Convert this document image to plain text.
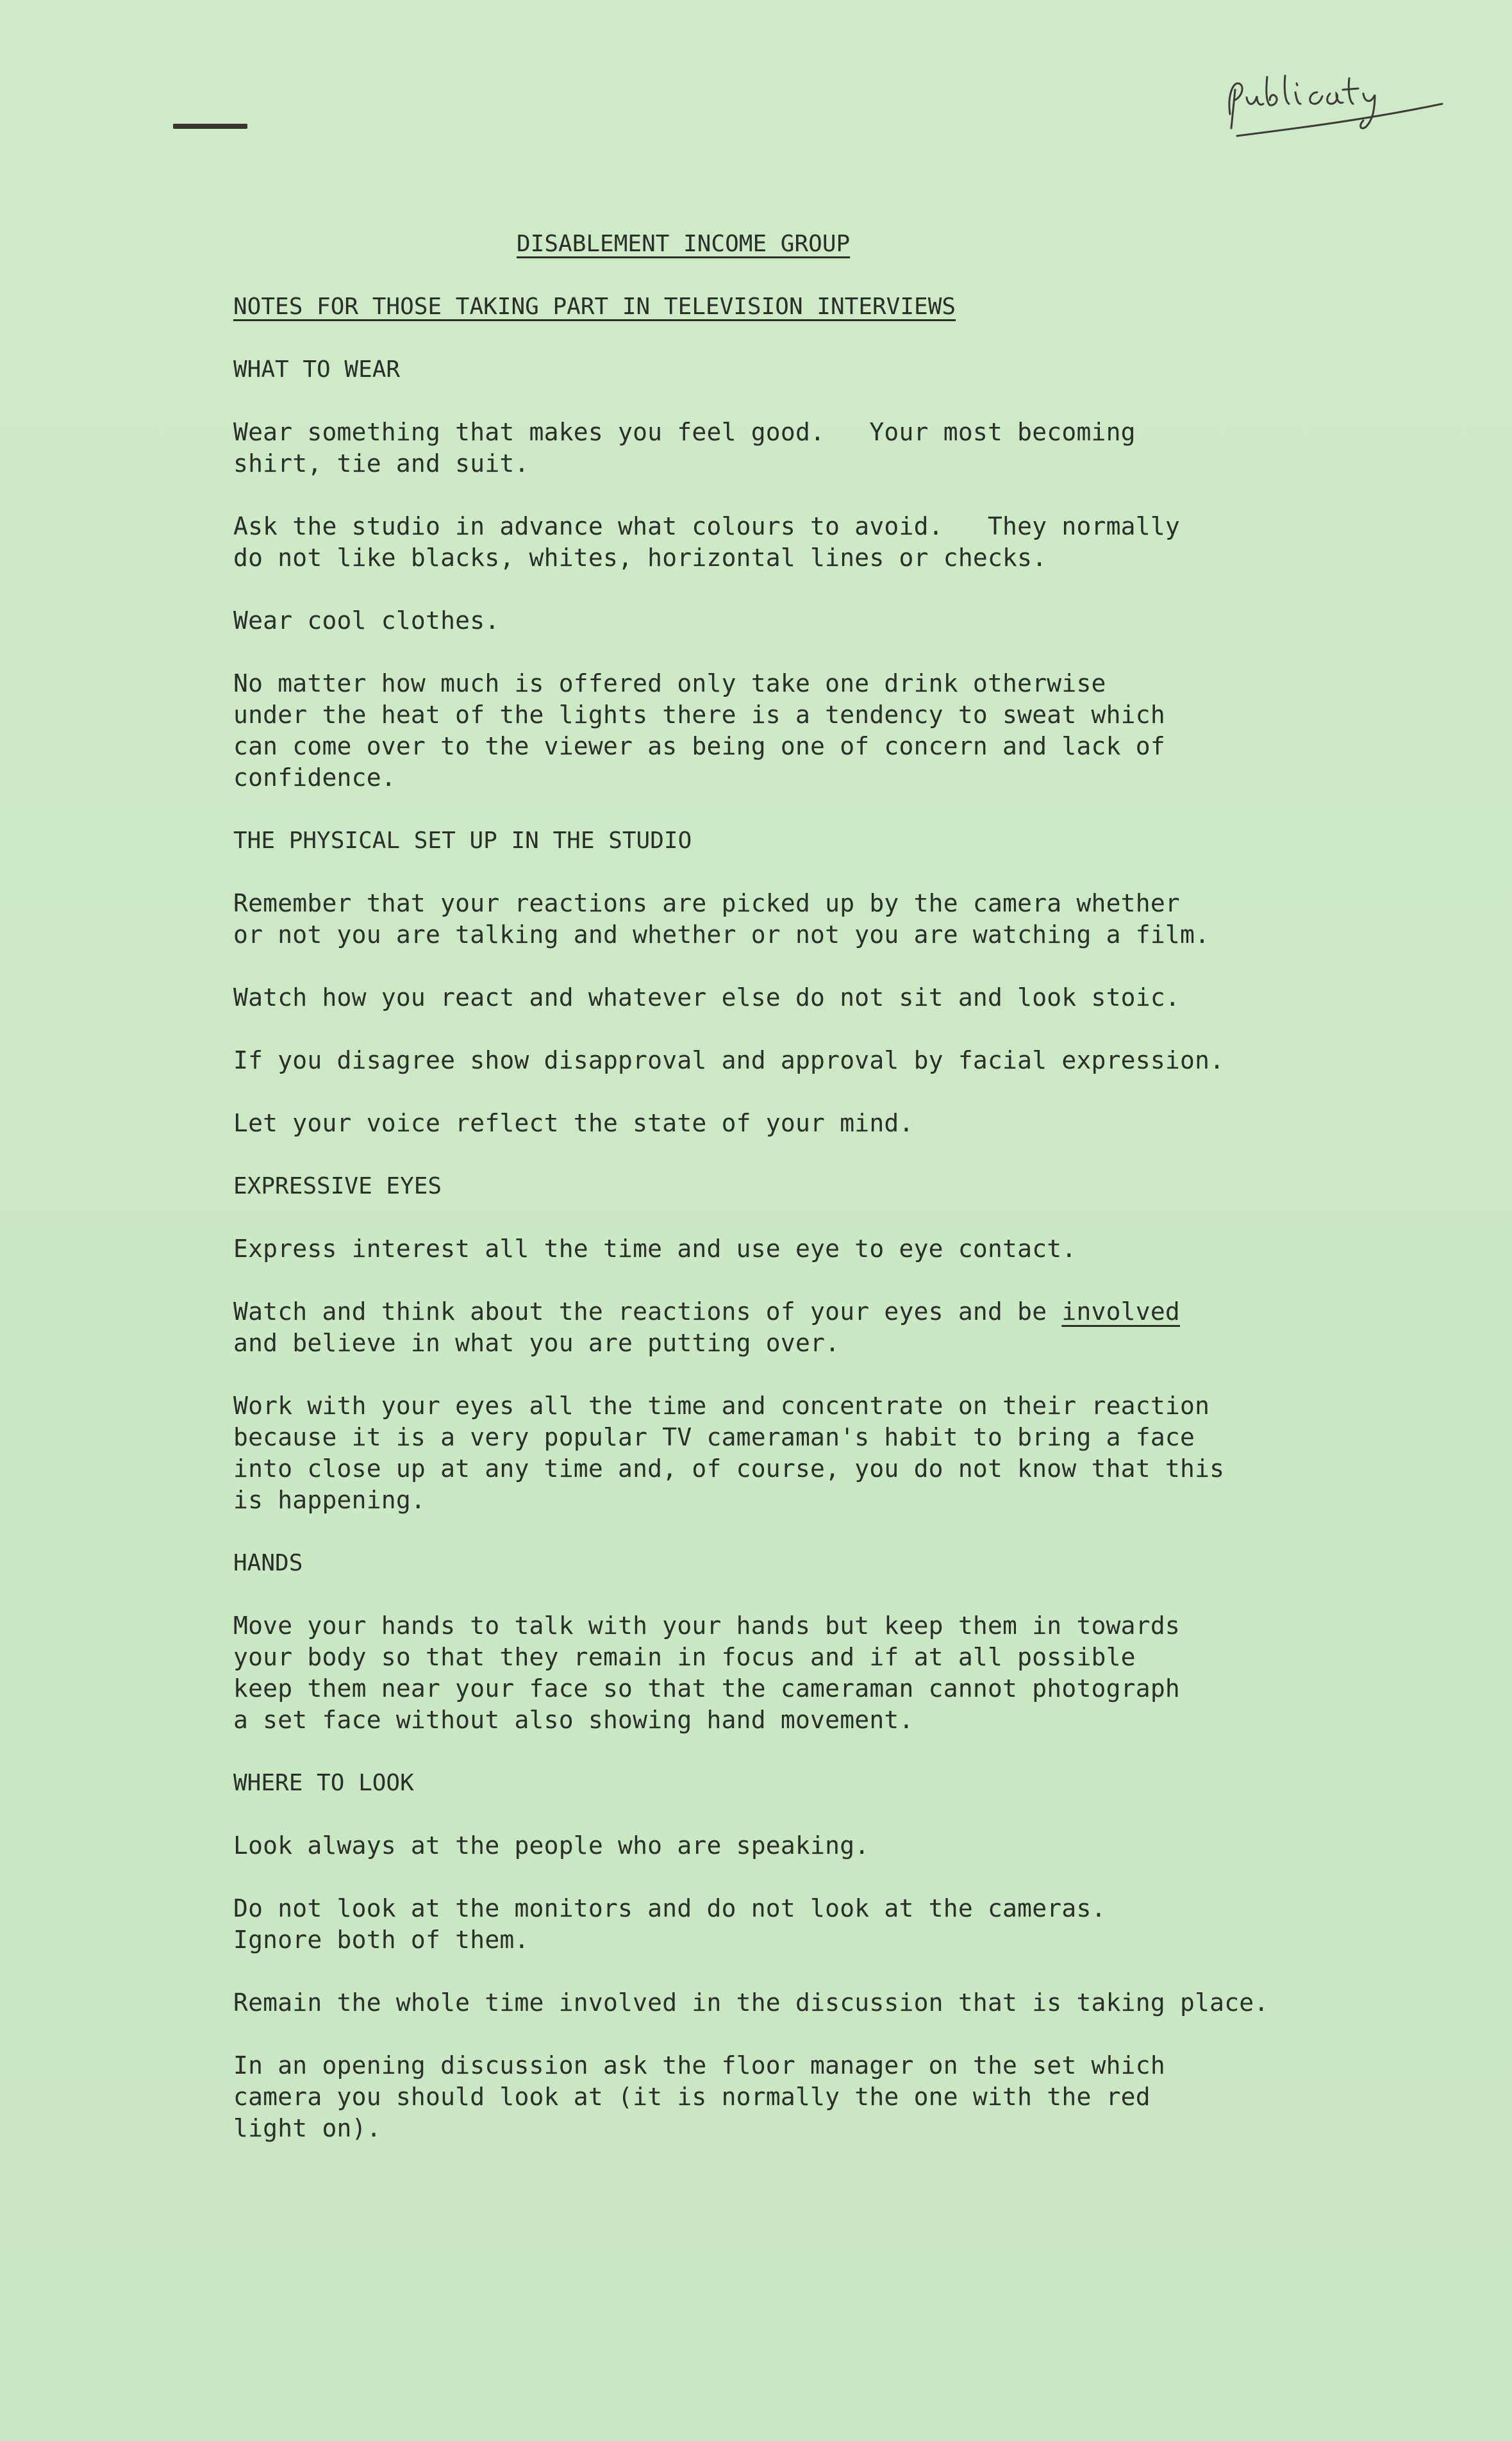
DISABLEMENT INCOME GROUP
NOTES FOR THOSE TAKING PART IN TELEVISION INTERVIEWS
WHAT TO WEAR
Wear something that makes you feel good.   Your most becoming
shirt, tie and suit.
Ask the studio in advance what colours to avoid.   They normally
do not like blacks, whites, horizontal lines or checks.
Wear cool clothes.
No matter how much is offered only take one drink otherwise
under the heat of the lights there is a tendency to sweat which
can come over to the viewer as being one of concern and lack of
confidence.
THE PHYSICAL SET UP IN THE STUDIO
Remember that your reactions are picked up by the camera whether
or not you are talking and whether or not you are watching a film.
Watch how you react and whatever else do not sit and look stoic.
If you disagree show disapproval and approval by facial expression.
Let your voice reflect the state of your mind.
EXPRESSIVE EYES
Express interest all the time and use eye to eye contact.
Watch and think about the reactions of your eyes and be involved
and believe in what you are putting over.
Work with your eyes all the time and concentrate on their reaction
because it is a very popular TV cameraman's habit to bring a face
into close up at any time and, of course, you do not know that this
is happening.
HANDS
Move your hands to talk with your hands but keep them in towards
your body so that they remain in focus and if at all possible
keep them near your face so that the cameraman cannot photograph
a set face without also showing hand movement.
WHERE TO LOOK
Look always at the people who are speaking.
Do not look at the monitors and do not look at the cameras.
Ignore both of them.
Remain the whole time involved in the discussion that is taking place.
In an opening discussion ask the floor manager on the set which
camera you should look at (it is normally the one with the red
light on).
